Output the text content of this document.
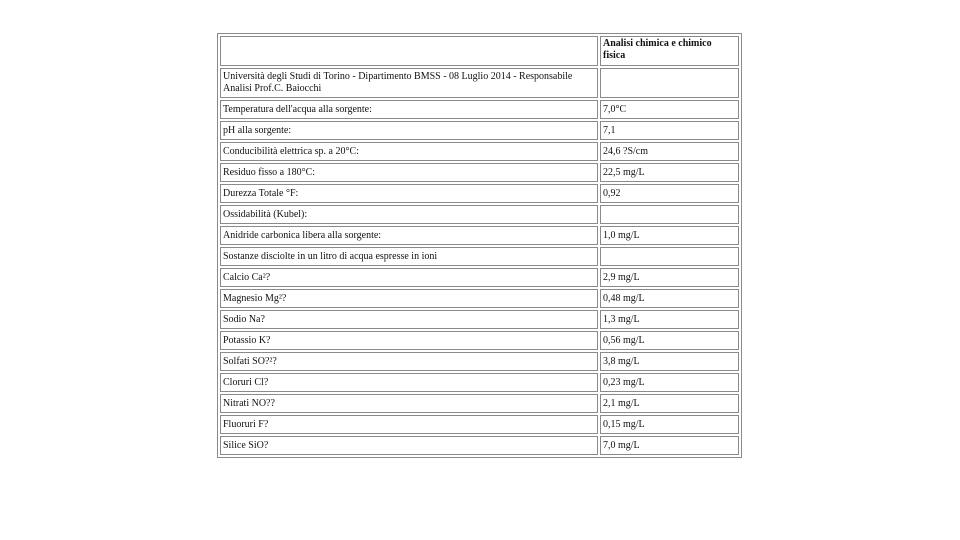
	Analisi chimica e chimico fisica
Università degli Studi di Torino - Dipartimento BMSS - 08 Luglio 2014 - Responsabile Analisi Prof.C. Baiocchi	
Temperatura dell'acqua alla sorgente:	7,0°C
pH alla sorgente:	7,1
Conducibilità elettrica sp. a 20°C:	24,6 ?S/cm
Residuo fisso a 180°C:	22,5 mg/L
Durezza Totale °F:	0,92
Ossidabilità (Kubel):	
Anidride carbonica libera alla sorgente:	1,0 mg/L
Sostanze disciolte in un litro di acqua espresse in ioni	
Calcio Ca²?	2,9 mg/L
Magnesio Mg²?	0,48 mg/L
Sodio Na?	1,3 mg/L
Potassio K?	0,56 mg/L
Solfati SO?²?	3,8 mg/L
Cloruri Cl?	0,23 mg/L
Nitrati NO??	2,1 mg/L
Fluoruri F?	0,15 mg/L
Silice SiO?	7,0 mg/L
